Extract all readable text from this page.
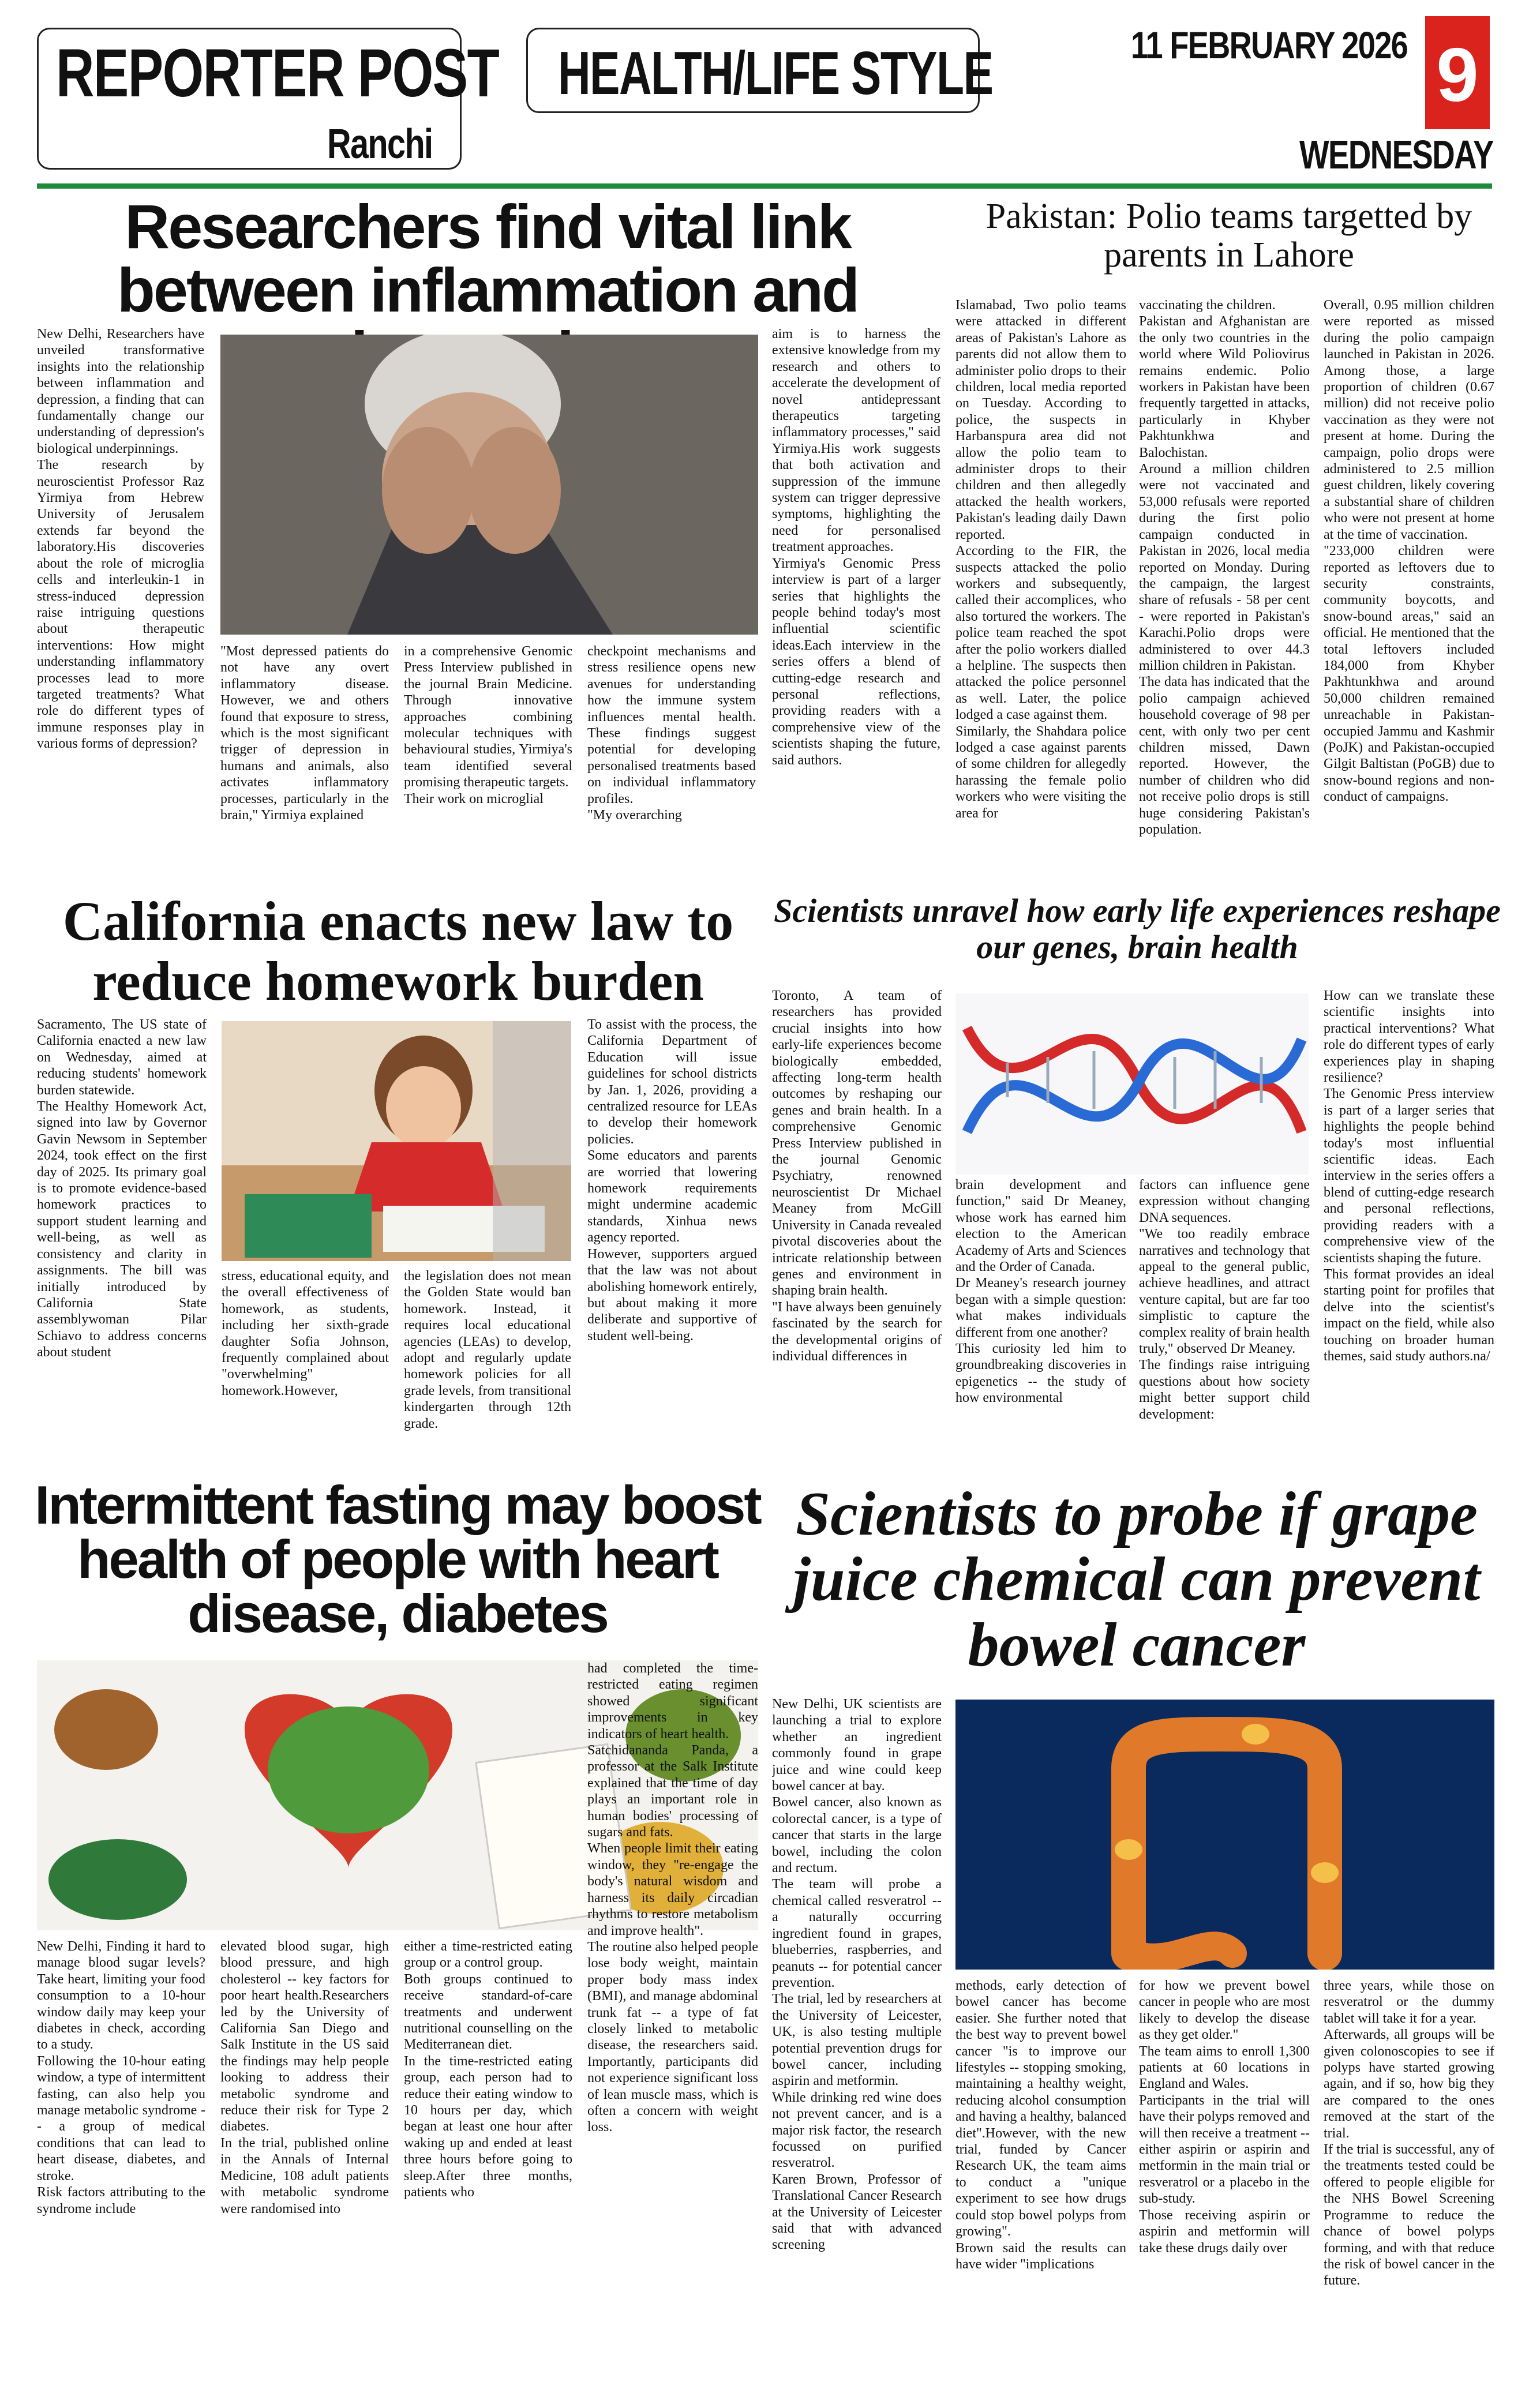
REPORTER POST
Ranchi
HEALTH/LIFE STYLE	11 FEBRUARY 2026 9
WEDNESDAY
Researchers find vital link between inflammation and
New Delhi, Researchers have unveiled transformative insights into the relationship between inflammation and depression, a finding that can fundamentally change our understanding of depression's biological underpinnings.
The research by neuroscientist Professor Raz Yirmiya from Hebrew University of Jerusalem extends far beyond the laboratory.His discoveries about the role of microglia cells and interleukin-1 in stress-induced depression raise intriguing questions about therapeutic interventions: How might understanding inflammatory processes lead to more targeted treatments? What role do different types of immune responses play in various forms of depression?
"Most depressed patients do not have any overt inflammatory disease. However, we and others found that exposure to stress, which is the most significant trigger of depression in humans and animals, also activates inflammatory processes, particularly in the brain," Yirmiya explained
in a comprehensive Genomic Press Interview published in the journal Brain Medicine. Through innovative approaches combining molecular techniques with behavioural studies, Yirmiya's team identified several promising therapeutic targets.
Their work on microglial
checkpoint mechanisms and stress resilience opens new avenues for understanding how the immune system influences mental health. These findings suggest potential for developing personalised treatments based on individual inflammatory profiles.
"My overarching
aim is to harness the extensive knowledge from my research and others to accelerate the development of novel antidepressant therapeutics targeting inflammatory processes," said Yirmiya.His work suggests that both activation and suppression of the immune system can trigger depressive symptoms, highlighting the need for personalised treatment approaches.
Yirmiya's Genomic Press interview is part of a larger series that highlights the people behind today's most influential scientific ideas.Each interview in the series offers a blend of cutting-edge research and personal reflections, providing readers with a comprehensive view of the scientists shaping the future, said authors.
Pakistan: Polio teams targetted by parents in Lahore
Islamabad, Two polio teams were attacked in different areas of Pakistan's Lahore as parents did not allow them to administer polio drops to their children, local media reported on Tuesday. According to police, the suspects in Harbanspura area did not allow the polio team to administer drops to their children and then allegedly attacked the health workers, Pakistan's leading daily Dawn reported.
According to the FIR, the suspects attacked the polio workers and subsequently, called their accomplices, who also tortured the workers. The police team reached the spot after the polio workers dialled a helpline. The suspects then attacked the police personnel as well. Later, the police lodged a case against them.
Similarly, the Shahdara police lodged a case against parents of some children for allegedly harassing the female polio workers who were visiting the area for
vaccinating the children.
Pakistan and Afghanistan are the only two countries in the world where Wild Poliovirus remains endemic. Polio workers in Pakistan have been frequently targetted in attacks, particularly in Khyber Pakhtunkhwa and Balochistan.
Around a million children were not vaccinated and 53,000 refusals were reported during the first polio campaign conducted in Pakistan in 2026, local media reported on Monday. During the campaign, the largest share of refusals - 58 per cent - were reported in Pakistan's Karachi.Polio drops were administered to over 44.3 million children in Pakistan.
The data has indicated that the polio campaign achieved household coverage of 98 per cent, with only two per cent children missed, Dawn reported. However, the number of children who did not receive polio drops is still huge considering Pakistan's population.
Overall, 0.95 million children were reported as missed during the polio campaign launched in Pakistan in 2026. Among those, a large proportion of children (0.67 million) did not receive polio vaccination as they were not present at home. During the campaign, polio drops were administered to 2.5 million guest children, likely covering a substantial share of children who were not present at home at the time of vaccination.
"233,000 children were reported as leftovers due to security constraints, community boycotts, and snow-bound areas," said an official. He mentioned that the total leftovers included 184,000 from Khyber Pakhtunkhwa and around 50,000 children remained unreachable in Pakistan-occupied Jammu and Kashmir (PoJK) and Pakistan-occupied Gilgit Baltistan (PoGB) due to snow-bound regions and non-conduct of campaigns.
California enacts new law to reduce homework burden
Sacramento, The US state of California enacted a new law on Wednesday, aimed at reducing students' homework burden statewide.
The Healthy Homework Act, signed into law by Governor Gavin Newsom in September 2024, took effect on the first day of 2025. Its primary goal is to promote evidence-based homework practices to support student learning and well-being, as well as consistency and clarity in assignments. The bill was initially introduced by California State assemblywoman Pilar Schiavo to address concerns about student
stress, educational equity, and the overall effectiveness of homework, as students, including her sixth-grade daughter Sofia Johnson, frequently complained about "overwhelming" homework.However,
the legislation does not mean the Golden State would ban homework. Instead, it requires local educational agencies (LEAs) to develop, adopt and regularly update homework policies for all grade levels, from transitional kindergarten through 12th grade.
To assist with the process, the California Department of Education will issue guidelines for school districts by Jan. 1, 2026, providing a centralized resource for LEAs to develop their homework policies.
Some educators and parents are worried that lowering homework requirements might undermine academic standards, Xinhua news agency reported.
However, supporters argued that the law was not about abolishing homework entirely, but about making it more deliberate and supportive of student well-being.
Scientists unravel how early life experiences reshape our genes, brain health
Toronto, A team of researchers has provided crucial insights into how early-life experiences become biologically embedded, affecting long-term health outcomes by reshaping our genes and brain health. In a comprehensive Genomic Press Interview published in the journal Genomic Psychiatry, renowned neuroscientist Dr Michael Meaney from McGill University in Canada revealed pivotal discoveries about the intricate relationship between genes and environment in shaping brain health.
"I have always been genuinely fascinated by the search for the developmental origins of individual differences in
brain development and function," said Dr Meaney, whose work has earned him election to the American Academy of Arts and Sciences and the Order of Canada.
Dr Meaney's research journey began with a simple question: what makes individuals different from one another?
This curiosity led him to groundbreaking discoveries in epigenetics -- the study of how environmental
factors can influence gene expression without changing DNA sequences.
"We too readily embrace narratives and technology that appeal to the general public, achieve headlines, and attract venture capital, but are far too simplistic to capture the complex reality of brain health truly," observed Dr Meaney.
The findings raise intriguing questions about how society might better support child development:
How can we translate these scientific insights into practical interventions? What role do different types of early experiences play in shaping resilience?
The Genomic Press interview is part of a larger series that highlights the people behind today's most influential scientific ideas. Each interview in the series offers a blend of cutting-edge research and personal reflections, providing readers with a comprehensive view of the scientists shaping the future.
This format provides an ideal starting point for profiles that delve into the scientist's impact on the field, while also touching on broader human themes, said study authors.na/
Intermittent fasting may boost health of people with heart disease, diabetes
New Delhi, Finding it hard to manage blood sugar levels? Take heart, limiting your food consumption to a 10-hour window daily may keep your diabetes in check, according to a study.
Following the 10-hour eating window, a type of intermittent fasting, can also help you manage metabolic syndrome -- a group of medical conditions that can lead to heart disease, diabetes, and stroke.
Risk factors attributing to the syndrome include
elevated blood sugar, high blood pressure, and high cholesterol -- key factors for poor heart health.Researchers led by the University of California San Diego and Salk Institute in the US said the findings may help people looking to address their metabolic syndrome and reduce their risk for Type 2 diabetes.
In the trial, published online in the Annals of Internal Medicine, 108 adult patients with metabolic syndrome were randomised into
either a time-restricted eating group or a control group.
Both groups continued to receive standard-of-care treatments and underwent nutritional counselling on the Mediterranean diet.
In the time-restricted eating group, each person had to reduce their eating window to 10 hours per day, which began at least one hour after waking up and ended at least three hours before going to sleep.After three months, patients who
had completed the time-restricted eating regimen showed significant improvements in key indicators of heart health.
Satchidananda Panda, a professor at the Salk Institute explained that the time of day plays an important role in human bodies' processing of sugars and fats.
When people limit their eating window, they "re-engage the body's natural wisdom and harness its daily circadian rhythms to restore metabolism and improve health".
The routine also helped people lose body weight, maintain proper body mass index (BMI), and manage abdominal trunk fat -- a type of fat closely linked to metabolic disease, the researchers said. Importantly, participants did not experience significant loss of lean muscle mass, which is often a concern with weight loss.
Scientists to probe if grape juice chemical can prevent bowel cancer
New Delhi, UK scientists are launching a trial to explore whether an ingredient commonly found in grape juice and wine could keep bowel cancer at bay.
Bowel cancer, also known as colorectal cancer, is a type of cancer that starts in the large bowel, including the colon and rectum.
The team will probe a chemical called resveratrol -- a naturally occurring ingredient found in grapes, blueberries, raspberries, and peanuts -- for potential cancer prevention.
The trial, led by researchers at the University of Leicester, UK, is also testing multiple potential prevention drugs for bowel cancer, including aspirin and metformin.
While drinking red wine does not prevent cancer, and is a major risk factor, the research focussed on purified resveratrol.
Karen Brown, Professor of Translational Cancer Research at the University of Leicester said that with advanced screening
methods, early detection of bowel cancer has become easier. She further noted that the best way to prevent bowel cancer "is to improve our lifestyles -- stopping smoking, maintaining a healthy weight, reducing alcohol consumption and having a healthy, balanced diet".However, with the new trial, funded by Cancer Research UK, the team aims to conduct a "unique experiment to see how drugs could stop bowel polyps from growing".
Brown said the results can have wider "implications
for how we prevent bowel cancer in people who are most likely to develop the disease as they get older."
The team aims to enroll 1,300 patients at 60 locations in England and Wales.
Participants in the trial will have their polyps removed and will then receive a treatment -- either aspirin or aspirin and metformin in the main trial or resveratrol or a placebo in the sub-study.
Those receiving aspirin or aspirin and metformin will take these drugs daily over
three years, while those on resveratrol or the dummy tablet will take it for a year.
Afterwards, all groups will be given colonoscopies to see if polyps have started growing again, and if so, how big they are compared to the ones removed at the start of the trial.
If the trial is successful, any of the treatments tested could be offered to people eligible for the NHS Bowel Screening Programme to reduce the chance of bowel polyps forming, and with that reduce the risk of bowel cancer in the future.
